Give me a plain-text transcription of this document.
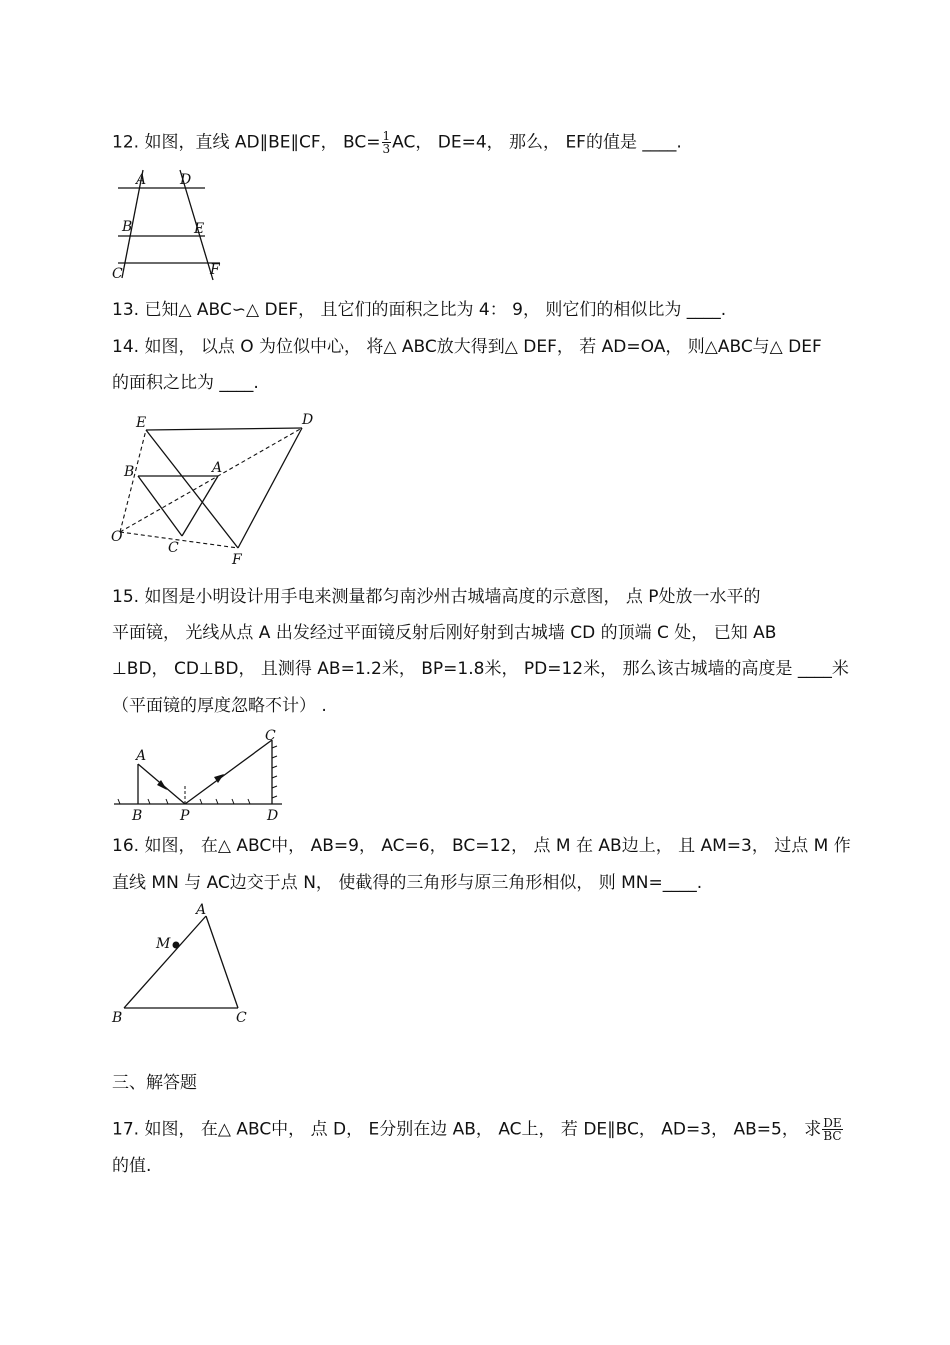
12. 如图，直线 AD∥BE∥CF， $BC= \frac{1}{3}$ AC， DE=4， 那么， EF的值是 ____.
A D
B	E
C	F
13. 已知△ ABC∽△ DEF， 且它们的面积之比为 4： 9， 则它们的相似比为 ____.
14. 如图， 以点 O 为位似中心， 将△ ABC放大得到△ DEF， 若 AD=OA， 则△ABC与△ DEF
的面积之比为 ____.
E	D
B	A
O
C
F
15. 如图是小明设计用手电来测量都匀南沙州古城墙高度的示意图， 点 P处放一水平的
平面镜， 光线从点 A 出发经过平面镜反射后刚好射到古城墙 CD 的顶端 C 处， 已知 AB
⊥BD， CD⊥BD， 且测得 AB=1.2米， BP=1.8米， PD=12米， 那么该古城墙的高度是 ____米
（平面镜的厚度忽略不计） .
A
B	P
C
D
16. 如图， 在△ ABC中， AB=9， AC=6， BC=12， 点 M 在 AB边上， 且 AM=3， 过点 M 作
直线 MN 与 AC边交于点 N， 使截得的三角形与原三角形相似， 则 MN=____.
A
M
B	C
三、解答题
17. 如图， 在△ ABC中， 点 D， E分别在边 AB， AC上， 若 DE∥BC， AD=3， AB=5， 求 $\frac{DE}{BC}$
的值.
